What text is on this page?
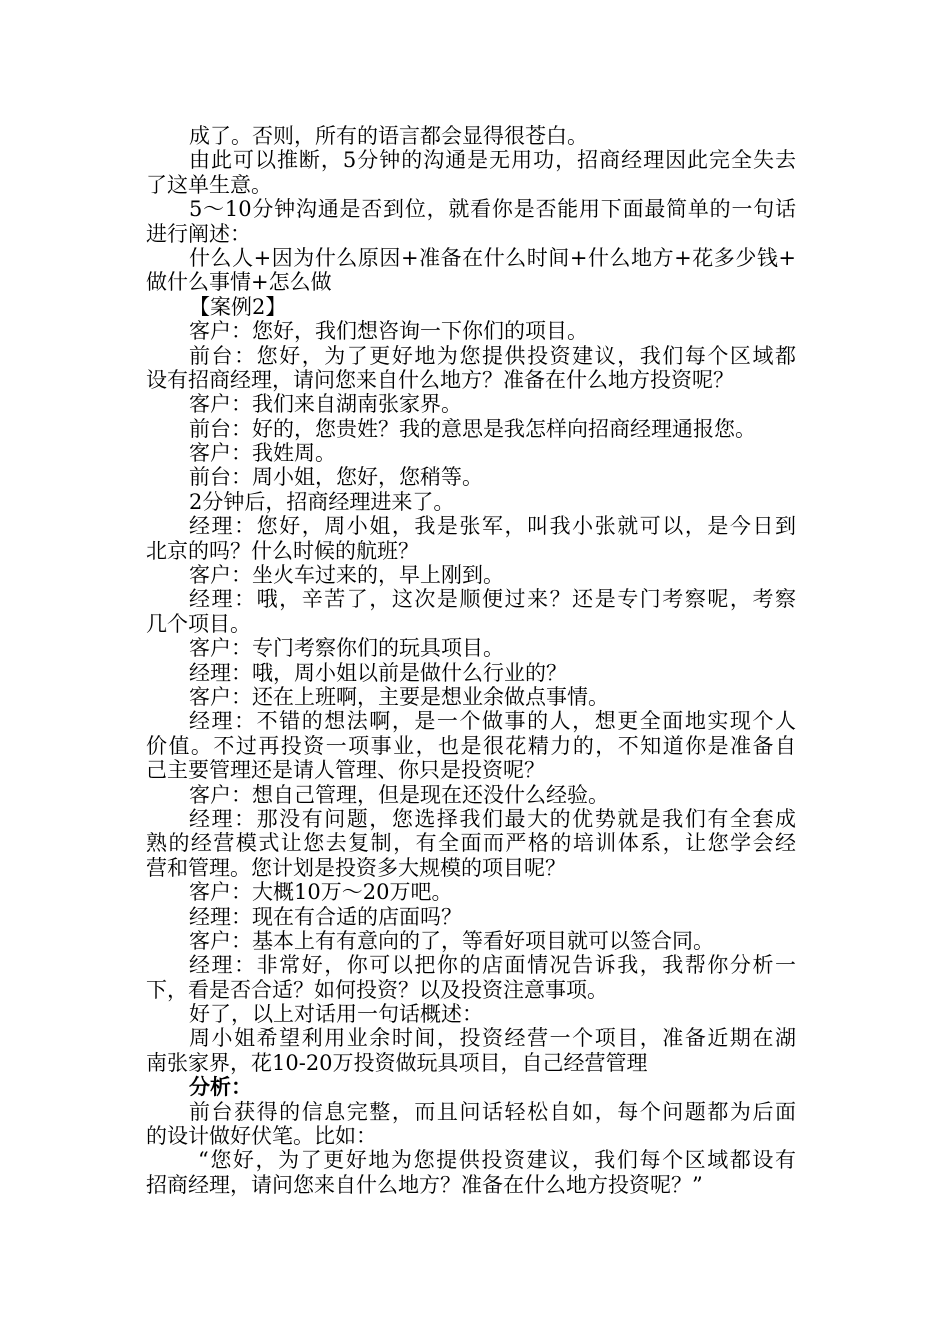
成了。否则，所有的语言都会显得很苍白。
由此可以推断，5分钟的沟通是无用功，招商经理因此完全失去
了这单生意。
5～10分钟沟通是否到位，就看你是否能用下面最简单的一句话
进行阐述：
什么人+因为什么原因+准备在什么时间+什么地方+花多少钱+
做什么事情+怎么做
【案例2】
客户：您好，我们想咨询一下你们的项目。
前台：您好，为了更好地为您提供投资建议，我们每个区域都
设有招商经理，请问您来自什么地方？准备在什么地方投资呢？
客户：我们来自湖南张家界。
前台：好的，您贵姓？我的意思是我怎样向招商经理通报您。
客户：我姓周。
前台：周小姐，您好，您稍等。
2分钟后，招商经理进来了。
经理：您好，周小姐，我是张军，叫我小张就可以，是今日到
北京的吗？什么时候的航班？
客户：坐火车过来的，早上刚到。
经理：哦，辛苦了，这次是顺便过来？还是专门考察呢，考察
几个项目。
客户：专门考察你们的玩具项目。
经理：哦，周小姐以前是做什么行业的？
客户：还在上班啊，主要是想业余做点事情。
经理：不错的想法啊，是一个做事的人，想更全面地实现个人
价值。不过再投资一项事业，也是很花精力的，不知道你是准备自
己主要管理还是请人管理、你只是投资呢？
客户：想自己管理，但是现在还没什么经验。
经理：那没有问题，您选择我们最大的优势就是我们有全套成
熟的经营模式让您去复制，有全面而严格的培训体系，让您学会经
营和管理。您计划是投资多大规模的项目呢？
客户：大概10万～20万吧。
经理：现在有合适的店面吗？
客户：基本上有有意向的了，等看好项目就可以签合同。
经理：非常好，你可以把你的店面情况告诉我，我帮你分析一
下，看是否合适？如何投资？以及投资注意事项。
好了，以上对话用一句话概述：
周小姐希望利用业余时间，投资经营一个项目，准备近期在湖
南张家界，花10-20万投资做玩具项目，自己经营管理
分析：
前台获得的信息完整，而且问话轻松自如，每个问题都为后面
的设计做好伏笔。比如：
“您好，为了更好地为您提供投资建议，我们每个区域都设有
招商经理，请问您来自什么地方？准备在什么地方投资呢？”
